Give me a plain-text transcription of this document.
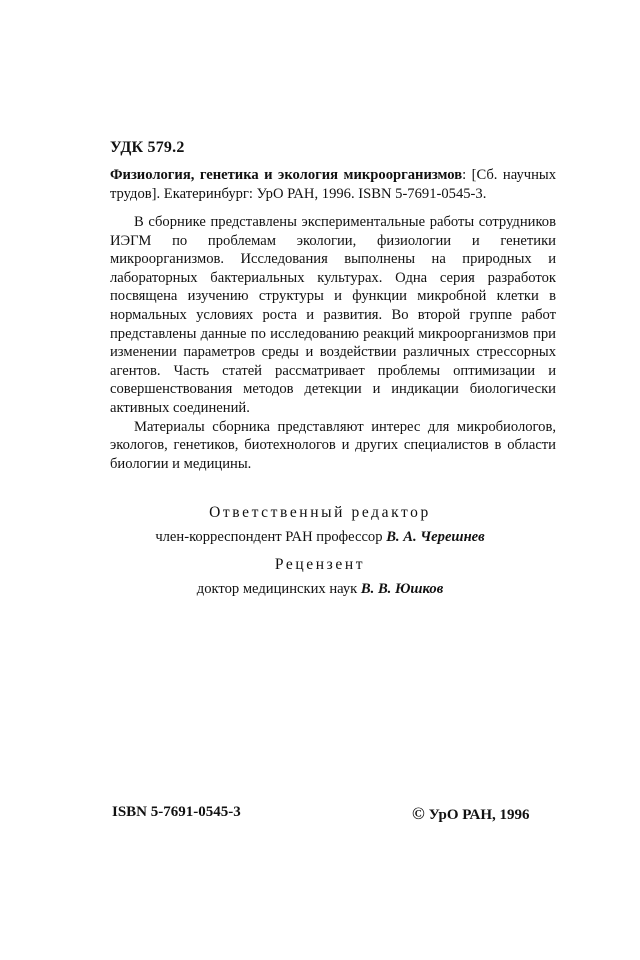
УДК 579.2
Физиология, генетика и экология микроорганизмов: [Сб. научных трудов]. Екатеринбург: УрО РАН, 1996. ISBN 5-7691-0545-3.

В сборнике представлены экспериментальные работы сотрудников ИЭГМ по проблемам экологии, физиологии и генетики микроорганизмов. Исследования выполнены на природных и лабораторных бактериальных культурах. Одна серия разработок посвящена изучению структуры и функции микробной клетки в нормальных условиях роста и развития. Во второй группе работ представлены данные по исследованию реакций микроорганизмов при изменении параметров среды и воздействии различных стрессорных агентов. Часть статей рассматривает проблемы оптимизации и совершенствования методов детекции и индикации биологически активных соединений.

Материалы сборника представляют интерес для микробиологов, экологов, генетиков, биотехнологов и других специалистов в области биологии и медицины.

Ответственный редактор
член-корреспондент РАН профессор В. А. Черешнев
Рецензент
доктор медицинских наук В. В. Юшков
ISBN 5-7691-0545-3	© УрО РАН, 1996
